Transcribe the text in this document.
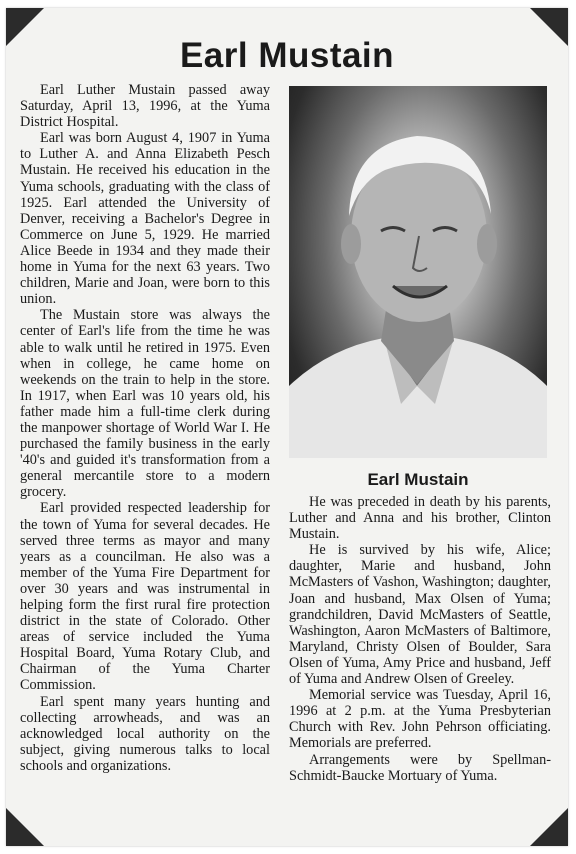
Earl Mustain

Earl Luther Mustain passed away Saturday, April 13, 1996, at the Yuma District Hospital.

Earl was born August 4, 1907 in Yuma to Luther A. and Anna Elizabeth Pesch Mustain. He received his education in the Yuma schools, graduating with the class of 1925. Earl attended the University of Denver, receiving a Bachelor's Degree in Commerce on June 5, 1929. He married Alice Beede in 1934 and they made their home in Yuma for the next 63 years. Two children, Marie and Joan, were born to this union.

The Mustain store was always the center of Earl's life from the time he was able to walk until he retired in 1975. Even when in college, he came home on weekends on the train to help in the store. In 1917, when Earl was 10 years old, his father made him a full-time clerk during the manpower shortage of World War I. He purchased the family business in the early '40's and guided it's transformation from a general mercantile store to a modern grocery.

Earl provided respected leadership for the town of Yuma for several decades. He served three terms as mayor and many years as a councilman. He also was a member of the Yuma Fire Department for over 30 years and was instrumental in helping form the first rural fire protection district in the state of Colorado. Other areas of service included the Yuma Hospital Board, Yuma Rotary Club, and Chairman of the Yuma Charter Commission.

Earl spent many years hunting and collecting arrowheads, and was an acknowledged local authority on the subject, giving numerous talks to local schools and organizations.

Earl Mustain

He was preceded in death by his parents, Luther and Anna and his brother, Clinton Mustain.

He is survived by his wife, Alice; daughter, Marie and husband, John McMasters of Vashon, Washington; daughter, Joan and husband, Max Olsen of Yuma; grandchildren, David McMasters of Seattle, Washington, Aaron McMasters of Baltimore, Maryland, Christy Olsen of Boulder, Sara Olsen of Yuma, Amy Price and husband, Jeff of Yuma and Andrew Olsen of Greeley.

Memorial service was Tuesday, April 16, 1996 at 2 p.m. at the Yuma Presbyterian Church with Rev. John Pehrson officiating. Memorials are preferred.

Arrangements were by Spellman-Schmidt-Baucke Mortuary of Yuma.
